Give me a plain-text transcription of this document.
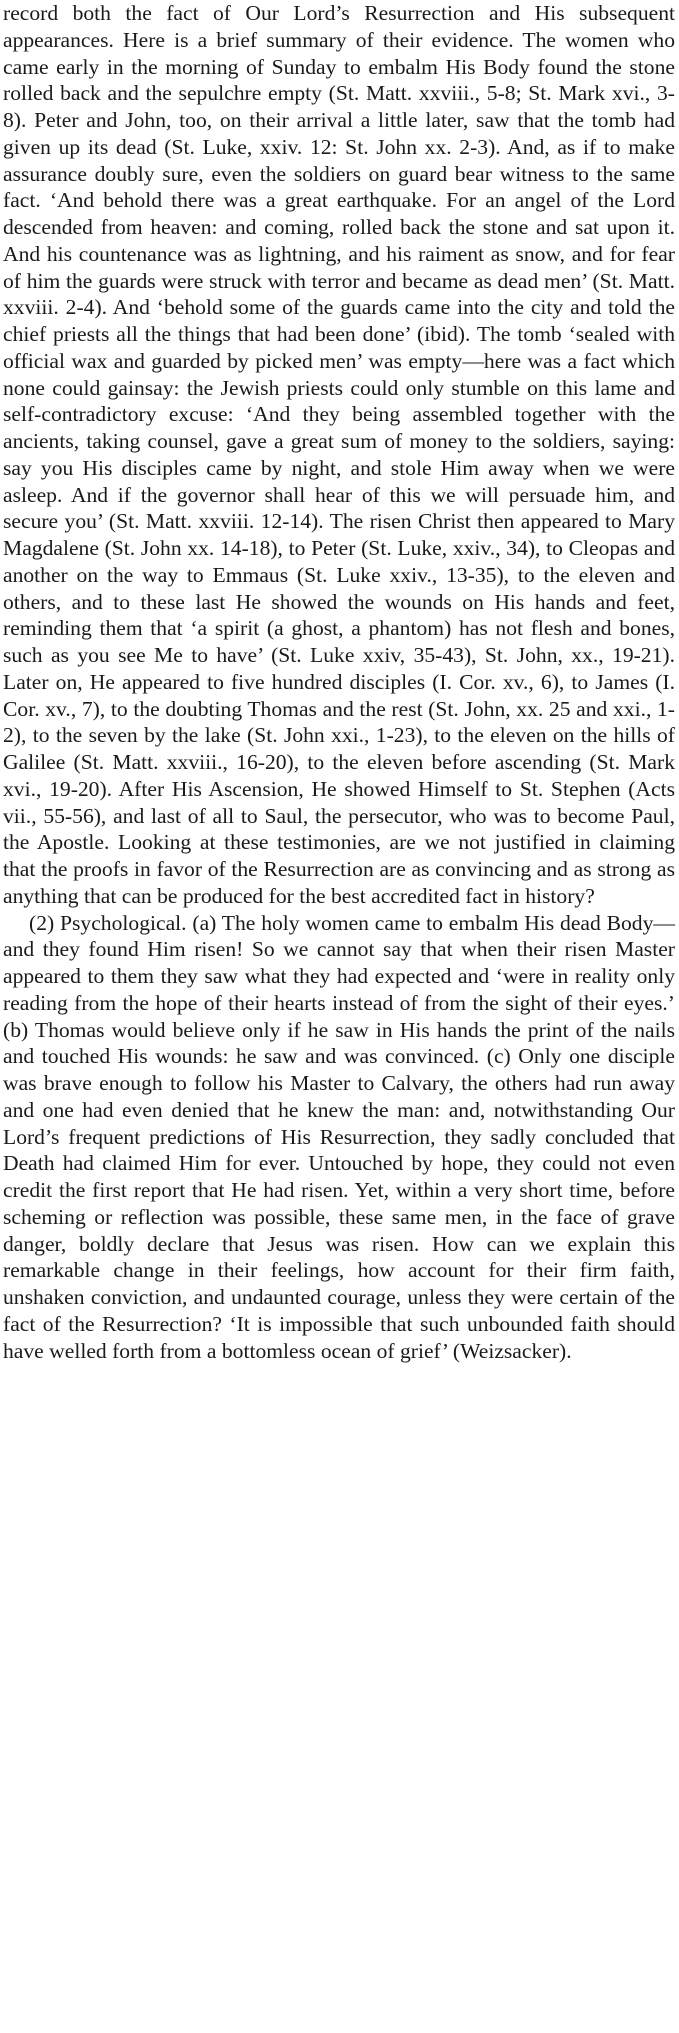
record both the fact of Our Lord’s Resurrection and His subsequent appearances. Here is a brief summary of their evidence. The women who came early in the morning of Sunday to embalm His Body found the stone rolled back and the sepulchre empty (St. Matt. xxviii., 5-8; St. Mark xvi., 3-8). Peter and John, too, on their arrival a little later, saw that the tomb had given up its dead (St. Luke, xxiv. 12: St. John xx. 2-3). And, as if to make assurance doubly sure, even the soldiers on guard bear witness to the same fact. ‘And behold there was a great earthquake. For an angel of the Lord descended from heaven: and coming, rolled back the stone and sat upon it. And his countenance was as lightning, and his raiment as snow, and for fear of him the guards were struck with terror and became as dead men’ (St. Matt. xxviii. 2-4). And ‘behold some of the guards came into the city and told the chief priests all the things that had been done’ (ibid). The tomb ‘sealed with official wax and guarded by picked men’ was empty—here was a fact which none could gainsay: the Jewish priests could only stumble on this lame and self-contradictory excuse: ‘And they being assembled together with the ancients, taking counsel, gave a great sum of money to the soldiers, saying: say you His disciples came by night, and stole Him away when we were asleep. And if the governor shall hear of this we will persuade him, and secure you’ (St. Matt. xxviii. 12-14). The risen Christ then appeared to Mary Magdalene (St. John xx. 14-18), to Peter (St. Luke, xxiv., 34), to Cleopas and another on the way to Emmaus (St. Luke xxiv., 13-35), to the eleven and others, and to these last He showed the wounds on His hands and feet, reminding them that ‘a spirit (a ghost, a phantom) has not flesh and bones, such as you see Me to have’ (St. Luke xxiv, 35-43), St. John, xx., 19-21). Later on, He appeared to five hundred disciples (I. Cor. xv., 6), to James (I. Cor. xv., 7), to the doubting Thomas and the rest (St. John, xx. 25 and xxi., 1-2), to the seven by the lake (St. John xxi., 1-23), to the eleven on the hills of Galilee (St. Matt. xxviii., 16-20), to the eleven before ascending (St. Mark xvi., 19-20). After His Ascension, He showed Himself to St. Stephen (Acts vii., 55-56), and last of all to Saul, the persecutor, who was to become Paul, the Apostle. Looking at these testimonies, are we not justified in claiming that the proofs in favor of the Resurrection are as convincing and as strong as anything that can be produced for the best accredited fact in history?

(2) Psychological. (a) The holy women came to embalm His dead Body—and they found Him risen! So we cannot say that when their risen Master appeared to them they saw what they had expected and ‘were in reality only reading from the hope of their hearts instead of from the sight of their eyes.’ (b) Thomas would believe only if he saw in His hands the print of the nails and touched His wounds: he saw and was convinced. (c) Only one disciple was brave enough to follow his Master to Calvary, the others had run away and one had even denied that he knew the man: and, notwithstanding Our Lord’s frequent predictions of His Resurrection, they sadly concluded that Death had claimed Him for ever. Untouched by hope, they could not even credit the first report that He had risen. Yet, within a very short time, before scheming or reflection was possible, these same men, in the face of grave danger, boldly declare that Jesus was risen. How can we explain this remarkable change in their feelings, how account for their firm faith, unshaken conviction, and undaunted courage, unless they were certain of the fact of the Resurrection? ‘It is impossible that such unbounded faith should have welled forth from a bottomless ocean of grief’ (Weizsacker).
